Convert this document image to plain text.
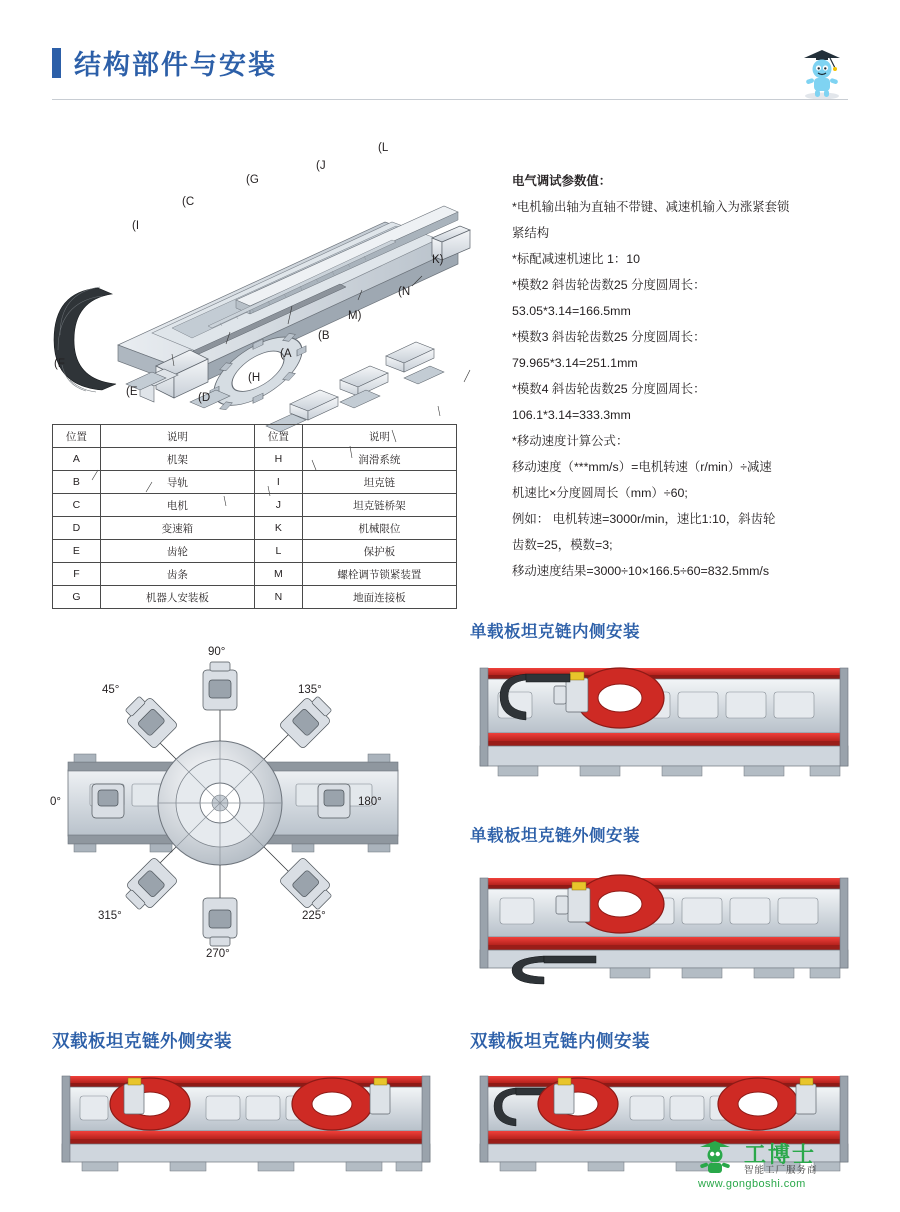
结构部件与安装
(L
(J
(G
(C
(I
K)
(N
M)
(B
(A
(H
(D
(E
(F
位置	说明	位置	说明
A	机架	H	润滑系统
B	导轨	I	坦克链
C	电机	J	坦克链桥架
D	变速箱	K	机械限位
E	齿轮	L	保护板
F	齿条	M	螺栓调节锁紧装置
G	机器人安装板	N	地面连接板

电气调试参数值：

*电机输出轴为直轴不带键、减速机输入为涨紧套锁

紧结构

*标配减速机速比 1：10

*模数2 斜齿轮齿数25 分度圆周长：

53.05*3.14=166.5mm

*模数3 斜齿轮齿数25 分度圆周长：

79.965*3.14=251.1mm

*模数4 斜齿轮齿数25 分度圆周长：

106.1*3.14=333.3mm

*移动速度计算公式：

移动速度（***mm/s）=电机转速（r/min）÷减速

机速比×分度圆周长（mm）÷60;

例如： 电机转速=3000r/min，速比1:10，斜齿轮

齿数=25，模数=3;

移动速度结果=3000÷10×166.5÷60=832.5mm/s

单载板坦克链内侧安装
单载板坦克链外侧安装
双载板坦克链外侧安装	双载板坦克链内侧安装
90°
135°
45°
0°	180°
315°	225°
270°
工博士
智能工厂服务商
www.gongboshi.com
